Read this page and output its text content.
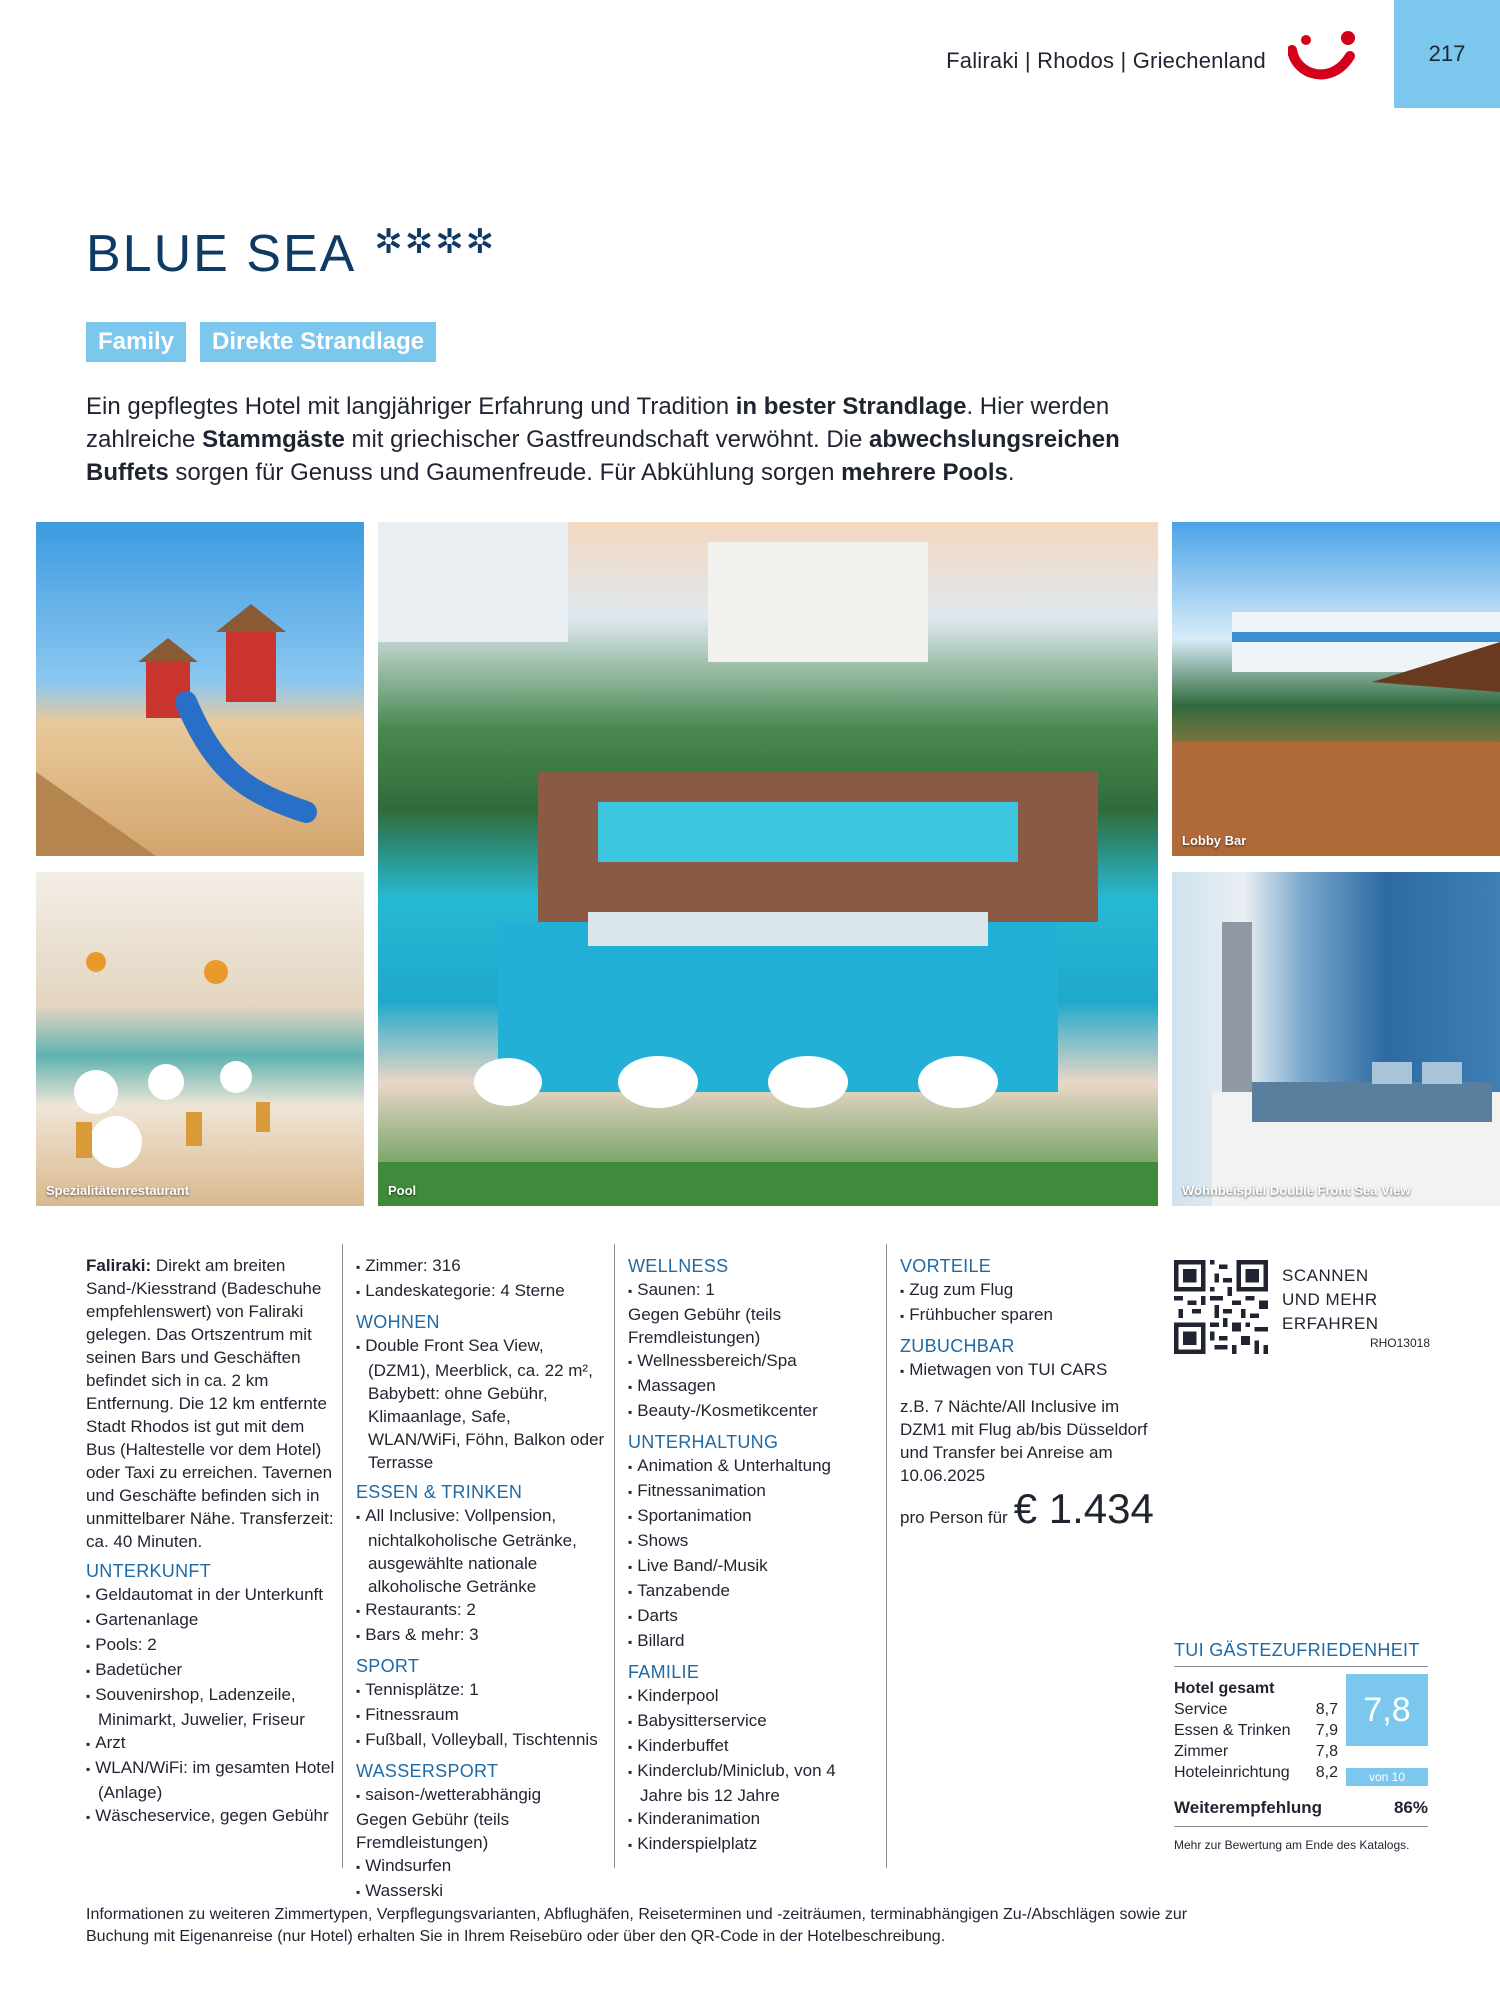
Faliraki | Rhodos | Griechenland	217
BLUE SEA ✲✲✲✲
Family	Direkte Strandlage

Ein gepflegtes Hotel mit langjähriger Erfahrung und Tradition in bester Strandlage. Hier werden zahlreiche Stammgäste mit griechischer Gastfreundschaft verwöhnt. Die abwechslungsreichen Buffets sorgen für Genuss und Gaumenfreude. Für Abkühlung sorgen mehrere Pools.

Spezialitätenrestaurant	Pool
Lobby Bar
Wohnbeispiel Double Front Sea View

Faliraki: Direkt am breiten Sand-/Kiesstrand (Badeschuhe empfehlenswert) von Faliraki gelegen. Das Ortszentrum mit seinen Bars und Geschäften befindet sich in ca. 2 km Entfernung. Die 12 km entfernte Stadt Rhodos ist gut mit dem Bus (Haltestelle vor dem Hotel) oder Taxi zu erreichen. Tavernen und Geschäfte befinden sich in unmittelbarer Nähe. Transferzeit: ca. 40 Minuten.

UNTERKUNFT
▪ Geldautomat in der Unterkunft
▪ Gartenanlage
▪ Pools: 2
▪ Badetücher
▪ Souvenirshop, Ladenzeile, Minimarkt, Juwelier, Friseur
▪ Arzt
▪ WLAN/WiFi: im gesamten Hotel (Anlage)
▪ Wäscheservice, gegen Gebühr
▪ Zimmer: 316
▪ Landeskategorie: 4 Sterne
WOHNEN
▪ Double Front Sea View, (DZM1), Meerblick, ca. 22 m², Babybett: ohne Gebühr, Klimaanlage, Safe, WLAN/WiFi, Föhn, Balkon oder Terrasse
ESSEN & TRINKEN
▪ All Inclusive: Vollpension, nichtalkoholische Getränke, ausgewählte nationale alkoholische Getränke
▪ Restaurants: 2
▪ Bars & mehr: 3
SPORT
▪ Tennisplätze: 1
▪ Fitnessraum
▪ Fußball, Volleyball, Tischtennis
WASSERSPORT
▪ saison-/wetterabhängig
Gegen Gebühr (teils Fremdleistungen)
▪ Windsurfen
▪ Wasserski
WELLNESS
▪ Saunen: 1
Gegen Gebühr (teils Fremdleistungen)
▪ Wellnessbereich/Spa
▪ Massagen
▪ Beauty-/Kosmetikcenter
UNTERHALTUNG
▪ Animation & Unterhaltung
▪ Fitnessanimation
▪ Sportanimation
▪ Shows
▪ Live Band/-Musik
▪ Tanzabende
▪ Darts
▪ Billard
FAMILIE
▪ Kinderpool
▪ Babysitterservice
▪ Kinderbuffet
▪ Kinderclub/Miniclub, von 4 Jahre bis 12 Jahre
▪ Kinderanimation
▪ Kinderspielplatz
VORTEILE
▪ Zug zum Flug
▪ Frühbucher sparen
ZUBUCHBAR
▪ Mietwagen von TUI CARS

z.B. 7 Nächte/All Inclusive im DZM1 mit Flug ab/bis Düsseldorf und Transfer bei Anreise am 10.06.2025

pro Person für € 1.434
SCANNEN
UND MEHR
ERFAHREN
RHO13018
TUI GÄSTEZUFRIEDENHEIT
Hotel gesamt
Service	8,7
Essen & Trinken 7,9
Zimmer	7,8
Hoteleinrichtung 8,2
7,8
von 10
Weiterempfehlung	86%
Mehr zur Bewertung am Ende des Katalogs.

Informationen zu weiteren Zimmertypen, Verpflegungsvarianten, Abflughäfen, Reiseterminen und -zeiträumen, terminabhängigen Zu-/Abschlägen sowie zur Buchung mit Eigenanreise (nur Hotel) erhalten Sie in Ihrem Reisebüro oder über den QR-Code in der Hotelbeschreibung.
